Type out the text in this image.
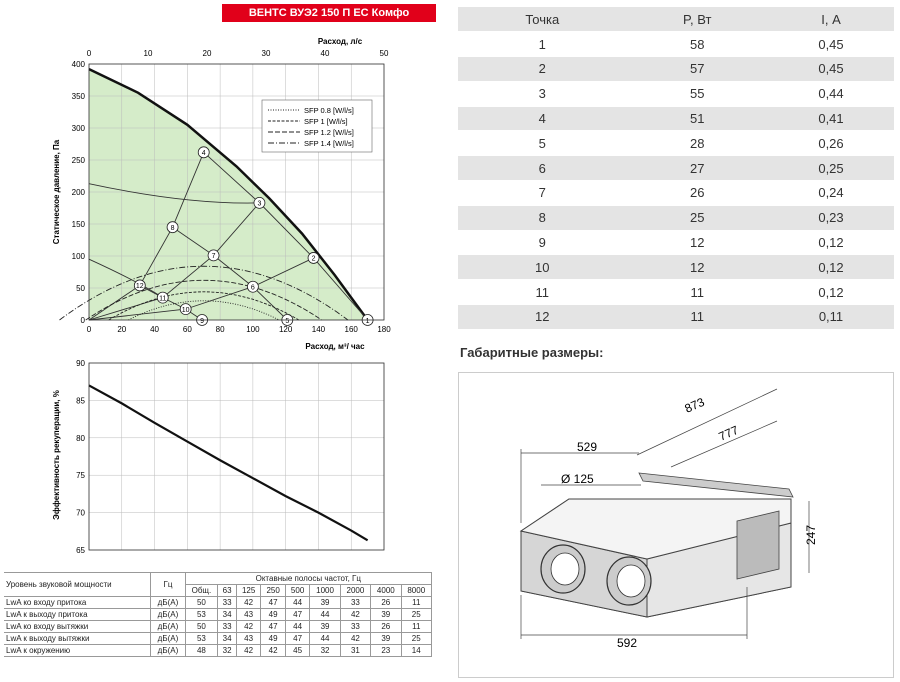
ВЕНТС ВУЭ2 150 П ЕС Комфо
1
2
3
4
5
6
7
8
9
10
11
12
0	20	40	60	80	100 120 140 160 180
0
50
100
150
200
250
300
350
400
0	10	20	30	40	50
Расход, л/с
Расход, м³/ час
Статическое давление, Па
SFP 0.8 [W/l/s]
SFP 1 [W/l/s]
SFP 1.2 [W/l/s]
SFP 1.4 [W/l/s]
65
70
75
80
85
90
Эффективность рекуперации, %
Уровень звуковой мощности	Гц	Октавные полосы частот, Гц								
		Общ.	63	125	250	500	1000	2000	4000	8000
LwA ко входу притока	дБ(А)	50	33	42	47	44	39	33	26	11
LwA к выходу притока	дБ(А)	53	34	43	49	47	44	42	39	25
LwA ко входу вытяжки	дБ(А)	50	33	42	47	44	39	33	26	11
LwA к выходу вытяжки	дБ(А)	53	34	43	49	47	44	42	39	25
LwA к окружению	дБ(А)	48	32	42	42	45	32	31	23	14
Точка	P, Вт	I, А
1	58	0,45
2	57	0,45
3	55	0,44
4	51	0,41
5	28	0,26
6	27	0,25
7	26	0,24
8	25	0,23
9	12	0,12
10	12	0,12
11	11	0,12
12	11	0,11
Габаритные размеры:
873
777
529
Ø 125
247
592
